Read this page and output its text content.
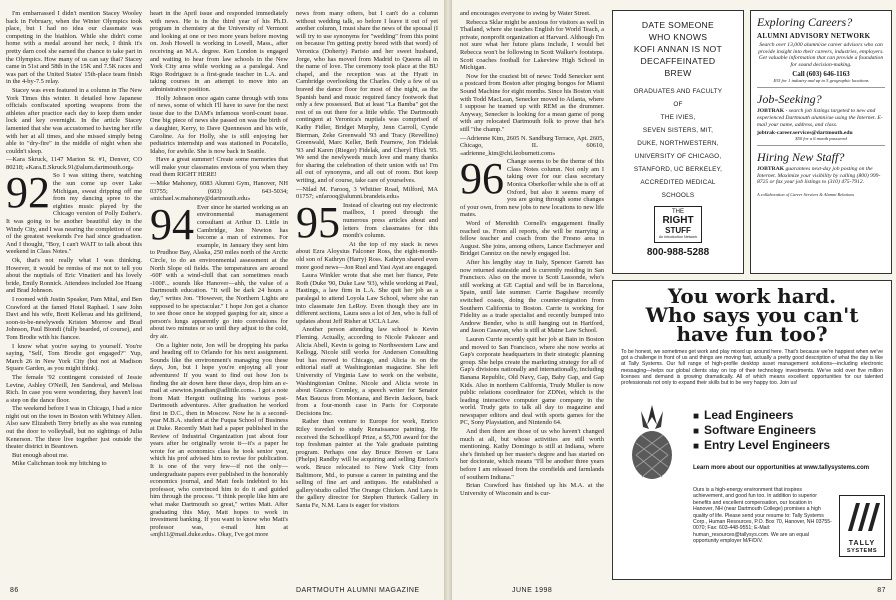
I'm embarrassed I didn't mention Stacey Wooley back in February, when the Winter Olympics took place, but I had no idea our classmate was competing in the biathlon. While she didn't come home with a medal around her neck, I think it's pretty darn cool she earned the chance to take part in the Olympics. How many of us can say that? Stacey came in 51st and 58th in the 15K and 7.5K races and was part of the United States' 15th-place team finish in the 4-by-7.5 relay.

Stacey was even featured in a column in The New York Times this winter. It detailed how Japanese officials confiscated sporting weapons from the athletes after practice each day to keep them under lock and key overnight. In the article Stacey lamented that she was accustomed to having her rifle with her at all times, and she missed simply being able to "dry-fire" in the middle of night when she couldn't sleep.

—Kara Skruck, 1147 Marion St. #1, Denver, CO 80218; «Kara.E.Skruck.91@alum.dartmouth.org»

92 So I was sitting there, watching the sun come up over Lake Michigan, sweat dripping off me from my dancing spree to the eighties music played by the Chicago version of Polly Esther's. It was going to be another beautiful day in the Windy City, and I was nearing the completion of one of the greatest weekends I've had since graduation. And I thought, "Boy, I can't WAIT to talk about this weekend in Class Notes."

Ok, that's not really what I was thinking. However, it would be remiss of me not to tell you about the nuptials of Eric Vinatieri and his lovely bride, Emily Ronnick. Attendees included Joe Huang and Brad Johnson.

I roomed with Justin Speaker, Pam Mital, and Ben Crawford at the famed Hotel Raphael. I saw John Davi and his wife, Brett Kellerau and his girlfriend, soon-to-be-newlyweds Kristen Morrow and Brad Johnson, Paul Biondi (fully bearded, of course), and Tom Brodie with his fiancee.

I know what you're saying to yourself. You're saying, "Self, Tom Brodie got engaged?" Yup, March 26 in New York City (but not at Madison Square Garden, as you might think).

The female '92 contingent consisted of Jessie Levine, Ashley O'Neill, Jen Sandoval, and Melissa Rich. In case you were wondering, they haven't lost a step on the dance floor.

The weekend before I was in Chicago, I had a nice night out on the town in Boston with Whitney Allen. Also saw Elizabeth Terry briefly as she was running out the door to volleyball, but no sightings of Julia Kenerson. The three live together just outside the theater district in Beantown.

But enough about me.

Mike Calichman took my bitching to

heart in the April issue and responded immediately with news. He is in the third year of his Ph.D. program in chemistry at the University of Vermont and looking at one or two more years before moving on. Josh Howell is working in Lowell, Mass., after receiving an M.A. degree. Ken London is engaged and waiting to hear from law schools in the New York City area while working as a paralegal. And Rigo Rodriguez is a first-grade teacher in L.A. and taking courses in an attempt to move into an administrative position.

Holly Johnson once again came through with tons of news, some of which I'll have to save for the next issue due to the DAM's infamous word-count issue. One big piece of news she passed on was the birth of a daughter, Kerry, to Dave Quenneson and his wife, Caroline. As for Holly, she is still enjoying her pediatrics internship and was stationed in Pocatello, Idaho, for awhile. She is now back in Seattle.

Have a great summer! Create some memories that will make your classmates envious of you when they read them RIGHT HERE!

—Mike Mahoney, 6083 Alumni Gym, Hanover, NH 03755; (603) 643-5034; «michael.w.mahoney@dartmouth.edu»

94 Ever since he started working as an environmental management consultant at Arthur D. Little in Cambridge, Jon Newton has become a man of extremes. For example, in January they sent him to Prudhoe Bay, Alaska, 250 miles north of the Arctic Circle, to do an environmental assessment at the North Slope oil fields. The temperatures are around -60F with a wind-chill that can sometimes reach -100F... sounds like Hanover—ahh, the value of a Dartmouth education. "It will be dark 24 hours a day," writes Jon. "However, the Northern Lights are supposed to be spectacular." I hope Jon got a chance to see those once he stopped gasping for air, since a person's lungs apparently go into convulsions for about two minutes or so until they adjust to the cold, dry air.

On a lighter note, Jon will be dropping his parka and heading off to Orlando for his next assignment. Sounds like the environment's managing you these days, Jon, but I hope you're enjoying all your adventures! If you want to find out how Jon is finding the air down here these days, drop him an e-mail at «newton.jonathan@adlittle.com». I got a note from Matt Hergott outlining his various post-Dartmouth adventures. After graduation he worked first in D.C., then in Moscow. Now he is a second-year M.B.A. student at the Fuqua School of Business at Duke. Recently Matt had a paper published in the Review of Industrial Organization just about four years after he originally wrote it—it's a paper he wrote for an economics class he took senior year, which his prof advised him to revise for publication. It is one of the very few—if not the only—undergraduate papers ever published in the honorably economics journal, and Matt feels indebted to his professor, who convinced him to do it and guided him through the process. "I think people like him are what make Dartmouth so great," writes Matt. After graduating this May, Matt hopes to work in investment banking. If you want to know who Matt's professor was, e-mail him at «mjh11@mail.duke.edu». Okay, I've got more

news from many others, but I can't do a column without wedding talk, so before I leave it out of yet another column, I must share the news of the spousal (I will try to use synonyms for "wedding" from this point on because I'm getting pretty bored with that word) of Veronica (Doherty) Parisio and her sweet husband, Jorge, who has moved from Madrid to Queens all in the name of love. The ceremony took place at the BU chapel, and the reception was at the Hyatt in Cambridge overlooking the Charles. Only a few of us braved the dance floor for most of the night, as the Spanish band and music required fancy footwork that only a few possessed. But at least "La Bamba" got the rest of us out there for a little while. The Dartmouth contingent at Veronica's nuptials was comprised of Kathy Fidler, Bridget Murphy, Jenn Carroll, Cynde Bierman, Zeke Greenwald '93 and Tracy (Revellino) Greenwald, Marc Keller, Beth Fearnow, Jon Fidelak '93 and Karen (Rieger) Fidelak, and Cheryl Flick '95. We send the newlyweds much love and many thanks for sharing the celebration of their union with us! I'm all out of synonyms, and all out of room. But keep writing, and of course, take care of yourselves.

—Nilad M. Farooq, 3 Whittier Road, Milford, MA 01757; «nfarooq@alumni.brandeis.edu»

95 Instead of clearing out my electronic mailbox, I pored through the numerous press articles about and letters from classmates for this month's column.

At the top of my stack is news about Ezra Aloysius Falconer Ross, the eight-month-old son of Kathryn (Harry) Ross. Kathryn shared even more good news—Jon Ruel and Yasi Ayat are engaged.

Laura Winkler wrote that she met her fiance, Pete Roth (Duke '90, Duke Law '93), while working at Paul, Hastings, a law firm in L.A. She quit her job as a paralegal to attend Loyola Law School, where she ran into classmate Jen LeRoy. Even though they are in different sections, Laura sees a lot of Jen, who is full of updates about Jeff Risher at UCLA Law.

Another person attending law school is Kevin Fleming. Actually, according to Nicole Pakozer and Alicia Abell, Kevin is going to Northwestern Law and Kellogg. Nicole still works for Andersen Consulting but has moved to Chicago, and Alicia is on the editorial staff at Washingtonian magazine. She left University of Virginia Law to work on the website, Washingtonian Online. Nicole and Alicia wrote in about Gianco Cromley, a speech writer for Senator Max Baucus from Montana, and Bevin Jackson, back from a four-month case in Paris for Corporate Decisions Inc.

Rather than venture to Europe for work, Enrico Riley traveled to study Renaissance painting. He received the Schoellkopf Prize, a $5,700 award for the top freshman painter at the Yale graduate painting program. Perhaps one day Bruce Brown or Lara (Phelps) Randby will be acquiring and selling Enrico's work. Bruce relocated to New York City from Baltimore, Md., to pursue a career in painting and the selling of fine art and antiques. He established a gallery/studio called The Orange Chicken. And Lara is the gallery director for Stephen Hurteck Gallery in Santa Fe, N.M. Lara is eager for visitors

86	DARTMOUTH ALUMNI MAGAZINE

and encourages everyone to swing by Water Street.

Rebecca Sklar might be anxious for visitors as well in Thailand, where she teaches English for World Teach, a private, nonprofit organization at Harvard. Although I'm not sure what her future plans include, I would bet Rebecca won't be following in Scott Walker's footsteps. Scott coaches football for Lakeview High School in Michigan.

Now for the craziest bit of news: Todd Senecker sent a postcard from Boston after pinging bongos for Miami Sound Machine for eight months. Since his Boston visit with Todd MacLean, Senecker moved to Atlanta, where I suppose he teamed up with REM as the drummer. Anyway, Senecker is looking for a mean game of pong with any relocated Dartmouth folk to prove that he's still "the champ."

—Adrienne Kim, 2605 N. Sandburg Terrace, Apt. 2605, Chicago, IL 60610, «adrienne_kim@chi.leoburnett.com»

96 Change seems to be the theme of this Class Notes column. Not only am I taking over for our class secretary Monica Oberkofler while she is off at Oxford, but also it seems many of you are going through some changes of your own, from new jobs to new locations to new life mates.

Word of Meredith Cornell's engagement finally reached us. From all reports, she will be marrying a fellow teacher and coach from the Fresno area in August. She joins, among others, Lance Eschmeyer and Bridget Cannizz on the newly engaged list.

After his lengthy stay in Italy, Spencer Garrett has now returned stateside and is currently residing in San Francisco. Also on the move is Scott Lassonde, who's still working at GE Capital and will be in Barcelona, Spain, until late summer. Carrie Bagshaw recently switched coasts, doing the counter-migration from Southern California to Boston. Carrie is working for Fidelity as a trade specialist and recently bumped into Andrew Bender, who is still hanging out in Hartford, and Jason Casavan, who is still at Maine Law School.

Lauren Currie recently quit her job at Bain in Boston and moved to San Francisco, where she now works at Gap's corporate headquarters in their strategic planning group. She helps create the marketing strategy for all of Gap's divisions nationally and internationally, including Banana Republic, Old Navy, Gap, Baby Gap, and Gap Kids. Also in northern California, Trudy Muller is now public relations coordinator for ZDNet, which is the leading interactive computer game company in the world. Trudy gets to talk all day to magazine and newspaper editors and deal with sports games for the PC, Sony Playstation, and Nintendo 64.

And then there are those of us who haven't changed much at all, but whose activities are still worth mentioning. Kathy Domingo is still at Indiana, where she's finished up her master's degree and has started on her doctorate, which means "I'll be another three years before I am released from the cornfields and farmlands of southern Indiana."

Brian Crawford has finished up his M.A. at the University of Wisconsin and is cur-

DATE SOMEONE
WHO KNOWS
KOFI ANNAN IS NOT
DECAFFEINATED
BREW
GRADUATES AND FACULTY
OF
THE IVIES,
SEVEN SISTERS, MIT,
DUKE, NORTHWESTERN,
UNIVERSITY OF CHICAGO,
STANFORD, UC BERKELEY,
ACCREDITED MEDICAL
SCHOOLS
THE
RIGHT
STUFF
An Introduction Network
800-988-5288
Exploring Careers?
ALUMNI ADVISORY NETWORK
Search over 13,000 alumni/ae career advisors who can provide insight into their careers, industries, employers. Get valuable information that can provide a foundation for sound decision-making.
Call (603) 646-1163
$35 for 1 industry and up to 5 geographic locations
Job-Seeking?
JOBTRAK - search job listings targeted to new and experienced Dartmouth alumni/ae using the Internet. E-mail your name, address, and class.
jobtrak-career.services@dartmouth.edu
$50 for a 6 month password
Hiring New Staff?
JOBTRAK guarantees next-day job posting on the Internet. Maximize your visibility by calling (800) 999-8725 or fax your job listings to (310) 475-7912.
A collaboration of Career Services & Alumni Relations
You work hard.
Who says you can't
have fun too?
To be honest, we sometimes get work and play mixed up around here. That's because we're happiest when we've got a challenge in front of us and things are moving fast, actually a pretty good description of what the day is like at Tally Systems. Our full range of high-profile desktop asset management solutions—including electronic messaging—helps our global clients stay on top of their technology investments. We've sold over five million licenses and demand is growing dramatically. All of which means excellent opportunities for our talented professionals not only to expand their skills but to be very happy too. Join us!
■ Lead Engineers
■ Software Engineers
■ Entry Level Engineers
Learn more about our opportunities at www.tallysystems.com
Ours is a high-energy environment that inspires achievement, and good fun too. In addition to superior benefits and excellent compensation, our location in Hanover, NH (near Dartmouth College) promises a high quality of life. Please send your resume to: Tally Systems Corp., Human Resources, P.O. Box 70, Hanover, NH 03755-0070; Fax: 603-448-9551; E-Mail: human_resources@tallysys.com. We are an equal opportunity employer M/F/D/V.	TALLY
SYSTEMS
JUNE 1998	87
